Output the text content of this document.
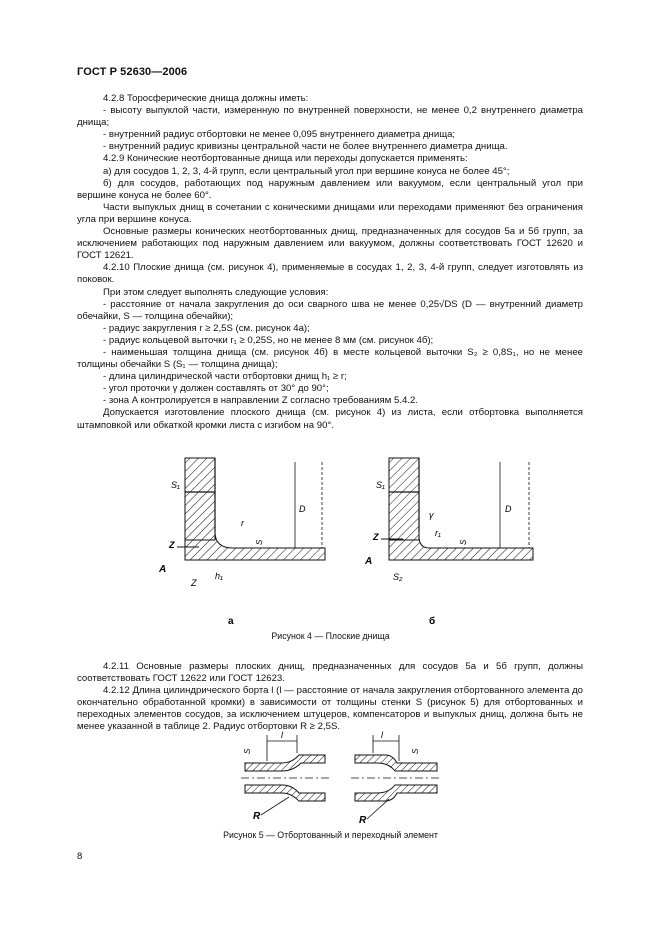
ГОСТ Р 52630—2006

4.2.8 Торосферические днища должны иметь:

- высоту выпуклой части, измеренную по внутренней поверхности, не менее 0,2 внутреннего диаметра днища;

- внутренний радиус отбортовки не менее 0,095 внутреннего диаметра днища;

- внутренний радиус кривизны центральной части не более внутреннего диаметра днища.

4.2.9 Конические неотбортованные днища или переходы допускается применять:

а) для сосудов 1, 2, 3, 4-й групп, если центральный угол при вершине конуса не более 45°;

б) для сосудов, работающих под наружным давлением или вакуумом, если центральный угол при вершине конуса не более 60°.

Части выпуклых днищ в сочетании с коническими днищами или переходами применяют без ограничения угла при вершине конуса.

Основные размеры конических неотбортованных днищ, предназначенных для сосудов 5а и 5б групп, за исключением работающих под наружным давлением или вакуумом, должны соответствовать ГОСТ 12620 и ГОСТ 12621.

4.2.10 Плоские днища (см. рисунок 4), применяемые в сосудах 1, 2, 3, 4-й групп, следует изготовлять из поковок.

При этом следует выполнять следующие условия:

- расстояние от начала закругления до оси сварного шва не менее 0,25√DS (D — внутренний диаметр обечайки, S — толщина обечайки);

- радиус закругления r ≥ 2,5S (см. рисунок 4а);

- радиус кольцевой выточки r₁ ≥ 0,25S, но не менее 8 мм (см. рисунок 4б);

- наименьшая толщина днища (см. рисунок 4б) в месте кольцевой выточки S₂ ≥ 0,8S₁, но не менее толщины обечайки S (S₁ — толщина днища);

- длина цилиндрической части отбортовки днищ h₁ ≥ r;

- угол проточки γ должен составлять от 30° до 90°;

- зона A контролируется в направлении Z согласно требованиям 5.4.2.

Допускается изготовление плоского днища (см. рисунок 4) из листа, если отбортовка выполняется штамповкой или обкаткой кромки листа с изгибом на 90°.

S₁
D
r
S
Z
A
Z
h₁
а
S₁
D
γ
r₁
S
Z
A
S₂
б
Рисунок 4 — Плоские днища

4.2.11 Основные размеры плоских днищ, предназначенных для сосудов 5а и 5б групп, должны соответствовать ГОСТ 12622 или ГОСТ 12623.

4.2.12 Длина цилиндрического борта l (l — расстояние от начала закругления отбортованного элемента до окончательно обработанной кромки) в зависимости от толщины стенки S (рисунок 5) для отбортованных и переходных элементов сосудов, за исключением штуцеров, компенсаторов и выпуклых днищ, должна быть не менее указанной в таблице 2. Радиус отбортовки R ≥ 2,5S.

l
S
R
l
S
R
Рисунок 5 — Отбортованный и переходный элемент
8
